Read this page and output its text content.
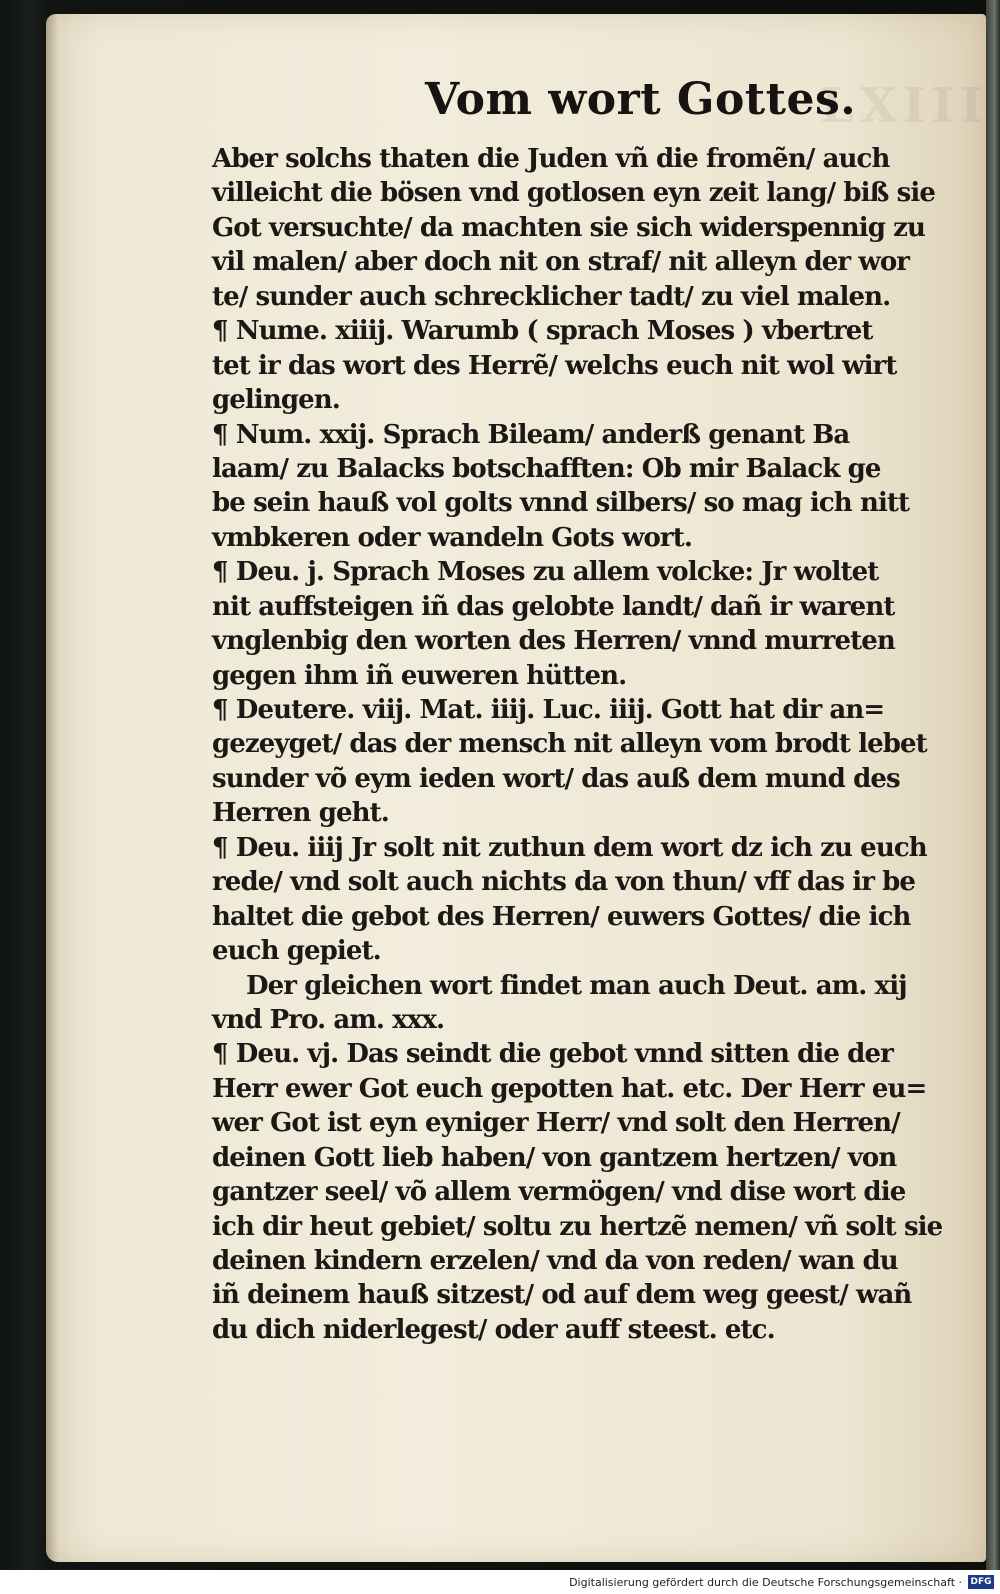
LXIII
Vom wort Gottes.
Aber solchs thaten die Juden vñ die fromẽn/ auch
villeicht die bösen vnd gotlosen eyn zeit lang/ biß sie
Got versuchte/ da machten sie sich widerspennig zu
vil malen/ aber doch nit on straf/ nit alleyn der wor
te/ sunder auch schrecklicher tadt/ zu viel malen.
¶ Nume. xiiij. Warumb ( sprach Moses ) vbertret
tet ir das wort des Herrẽ/ welchs euch nit wol wirt
gelingen.
¶ Num. xxij. Sprach Bileam/ anderß genant Ba
laam/ zu Balacks botschafften: Ob mir Balack ge
be sein hauß vol golts vnnd silbers/ so mag ich nitt
vmbkeren oder wandeln Gots wort.
¶ Deu. j. Sprach Moses zu allem volcke: Jr woltet
nit auffsteigen iñ das gelobte landt/ dañ ir warent
vnglenbig den worten des Herren/ vnnd murreten
gegen ihm iñ euweren hütten.
¶ Deutere. viij. Mat. iiij. Luc. iiij. Gott hat dir an=
gezeyget/ das der mensch nit alleyn vom brodt lebet
sunder võ eym ieden wort/ das auß dem mund des
Herren geht.
¶ Deu. iiij Jr solt nit zuthun dem wort dz ich zu euch
rede/ vnd solt auch nichts da von thun/ vff das ir be
haltet die gebot des Herren/ euwers Gottes/ die ich
euch gepiet.
Der gleichen wort findet man auch Deut. am. xij
vnd Pro. am. xxx.
¶ Deu. vj. Das seindt die gebot vnnd sitten die der
Herr ewer Got euch gepotten hat. etc. Der Herr eu=
wer Got ist eyn eyniger Herr/ vnd solt den Herren/
deinen Gott lieb haben/ von gantzem hertzen/ von
gantzer seel/ võ allem vermögen/ vnd dise wort die
ich dir heut gebiet/ soltu zu hertzẽ nemen/ vñ solt sie
deinen kindern erzelen/ vnd da von reden/ wan du
iñ deinem hauß sitzest/ od auf dem weg geest/ wañ
du dich niderlegest/ oder auff steest. etc.
Digitalisierung gefördert durch die Deutsche Forschungsgemeinschaft · DFG
